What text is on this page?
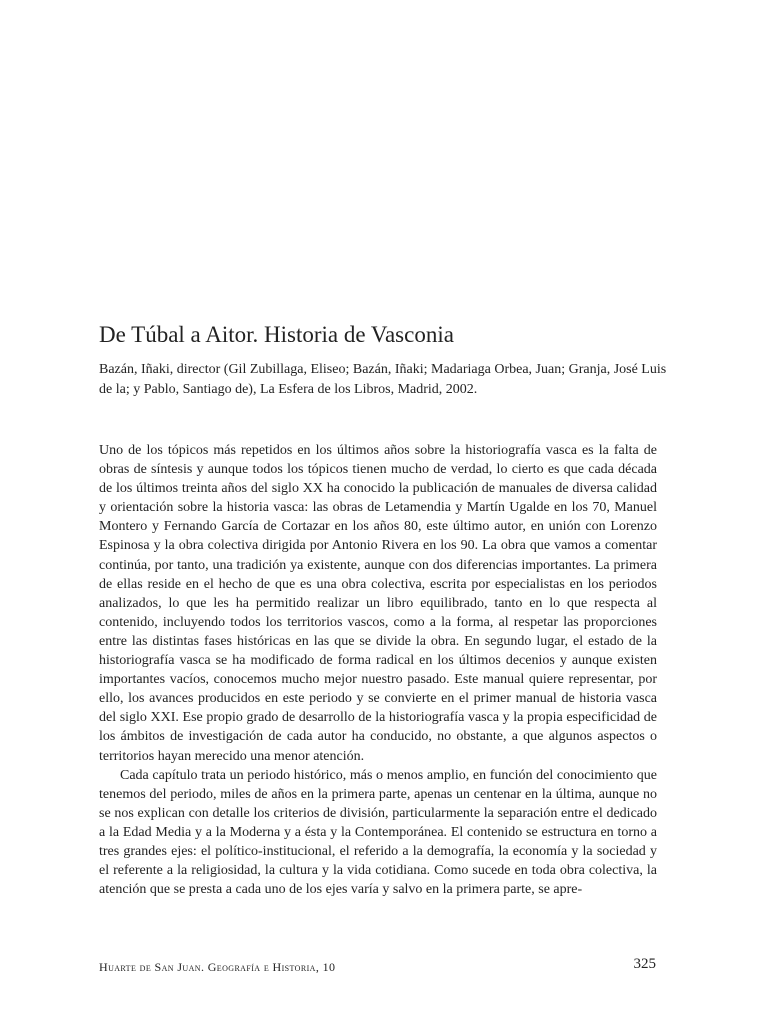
De Túbal a Aitor. Historia de Vasconia

Bazán, Iñaki, director (Gil Zubillaga, Eliseo; Bazán, Iñaki; Madariaga Orbea, Juan; Granja, José Luis de la; y Pablo, Santiago de), La Esfera de los Libros, Madrid, 2002.

Uno de los tópicos más repetidos en los últimos años sobre la historiografía vasca es la falta de obras de síntesis y aunque todos los tópicos tienen mucho de verdad, lo cierto es que cada década de los últimos treinta años del siglo XX ha conocido la publicación de manuales de diversa calidad y orientación sobre la historia vasca: las obras de Letamendia y Martín Ugalde en los 70, Manuel Montero y Fernando García de Cortazar en los años 80, este último autor, en unión con Lorenzo Espinosa y la obra colectiva dirigida por Antonio Rivera en los 90. La obra que vamos a comentar continúa, por tanto, una tradición ya existente, aunque con dos diferencias importantes. La primera de ellas reside en el hecho de que es una obra colectiva, escrita por especialistas en los periodos analizados, lo que les ha permitido realizar un libro equilibrado, tanto en lo que respecta al contenido, incluyendo todos los territorios vascos, como a la forma, al respetar las proporciones entre las distintas fases históricas en las que se divide la obra. En segundo lugar, el estado de la historiografía vasca se ha modificado de forma radical en los últimos decenios y aunque existen importantes vacíos, conocemos mucho mejor nuestro pasado. Este manual quiere representar, por ello, los avances producidos en este periodo y se convierte en el primer manual de historia vasca del siglo XXI. Ese propio grado de desarrollo de la historiografía vasca y la propia especificidad de los ámbitos de investigación de cada autor ha conducido, no obstante, a que algunos aspectos o territorios hayan merecido una menor atención.

Cada capítulo trata un periodo histórico, más o menos amplio, en función del conocimiento que tenemos del periodo, miles de años en la primera parte, apenas un centenar en la última, aunque no se nos explican con detalle los criterios de división, particularmente la separación entre el dedicado a la Edad Media y a la Moderna y a ésta y la Contemporánea. El contenido se estructura en torno a tres grandes ejes: el político-institucional, el referido a la demografía, la economía y la sociedad y el referente a la religiosidad, la cultura y la vida cotidiana. Como sucede en toda obra colectiva, la atención que se presta a cada uno de los ejes varía y salvo en la primera parte, se apre-

Huarte de San Juan. Geografía e Historia, 10	325
